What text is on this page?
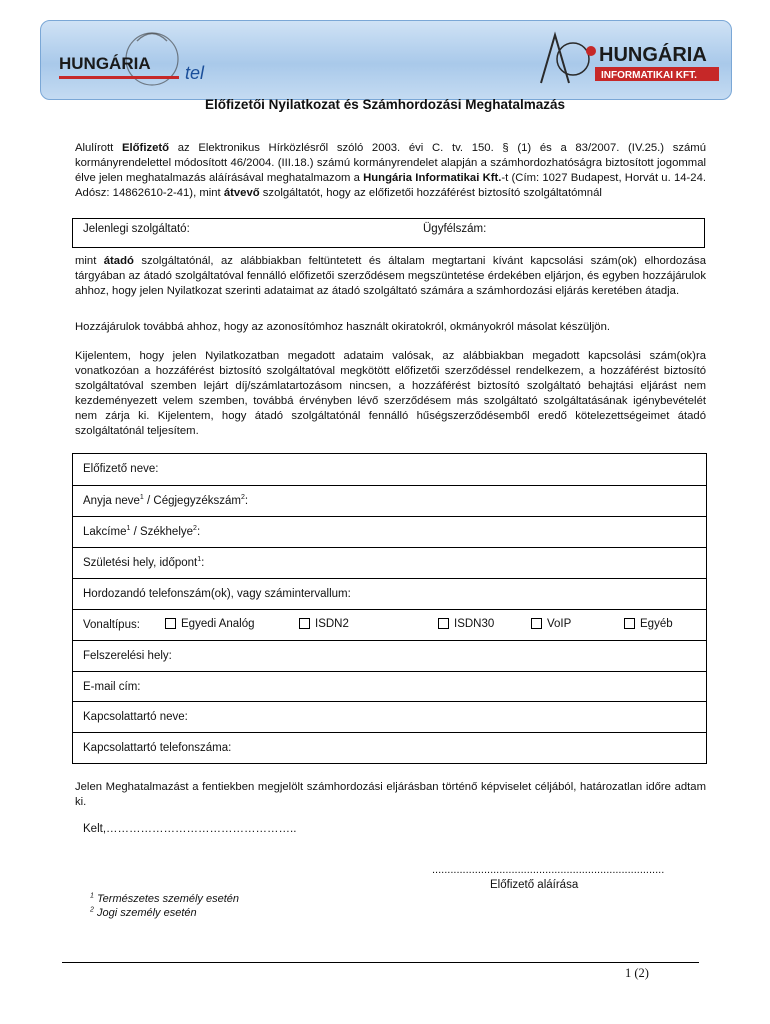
HUNGÁRIA tel
HUNGÁRIA
INFORMATIKAI KFT.
Előfizetői Nyilatkozat és Számhordozási Meghatalmazás
Alulírott Előfizető az Elektronikus Hírközlésről szóló 2003. évi C. tv. 150. § (1) és a 83/2007. (IV.25.) számú kormányrendelettel módosított 46/2004. (III.18.) számú kormányrendelet alapján a számhordozhatóságra biztosított jogommal élve jelen meghatalmazás aláírásával meghatalmazom a Hungária Informatikai Kft.-t (Cím: 1027 Budapest, Horvát u. 14-24. Adósz: 14862610-2-41), mint átvevő szolgáltatót, hogy az előfizetői hozzáférést biztosító szolgáltatómnál
Jelenlegi szolgáltató:	Ügyfélszám:
mint átadó szolgáltatónál, az alábbiakban feltüntetett és általam megtartani kívánt kapcsolási szám(ok) elhordozása tárgyában az átadó szolgáltatóval fennálló előfizetői szerződésem megszüntetése érdekében eljárjon, és egyben hozzájárulok ahhoz, hogy jelen Nyilatkozat szerinti adataimat az átadó szolgáltató számára a számhordozási eljárás keretében átadja.
Hozzájárulok továbbá ahhoz, hogy az azonosítómhoz használt okiratokról, okmányokról másolat készüljön.
Kijelentem, hogy jelen Nyilatkozatban megadott adataim valósak, az alábbiakban megadott kapcsolási szám(ok)ra vonatkozóan a hozzáférést biztosító szolgáltatóval megkötött előfizetői szerződéssel rendelkezem, a hozzáférést biztosító szolgáltatóval szemben lejárt díj/számlatartozásom nincsen, a hozzáférést biztosító szolgáltató behajtási eljárást nem kezdeményezett velem szemben, továbbá érvényben lévő szerződésem más szolgáltató szolgáltatásának igénybevételét nem zárja ki. Kijelentem, hogy átadó szolgáltatónál fennálló hűségszerződésemből eredő kötelezettségeimet átadó szolgáltatónál teljesítem.
Előfizető neve:
Anyja neve$^1$ / Cégjegyzékszám$^2$:
Lakcíme$^1$ / Székhelye$^2$:
Születési hely, időpont$^1$:
Hordozandó telefonszám(ok), vagy számintervallum:
Vonaltípus:	Egyedi Analóg	ISDN2	ISDN30	VoIP	Egyéb
Felszerelési hely:
E-mail cím:
Kapcsolattartó neve:
Kapcsolattartó telefonszáma:
Jelen Meghatalmazást a fentiekben megjelölt számhordozási eljárásban történő képviselet céljából, határozatlan időre adtam ki.
Kelt,…………………………………………..
............................................................................
Előfizető aláírása
$^1$ Természetes személy esetén
$^2$ Jogi személy esetén
1 (2)
